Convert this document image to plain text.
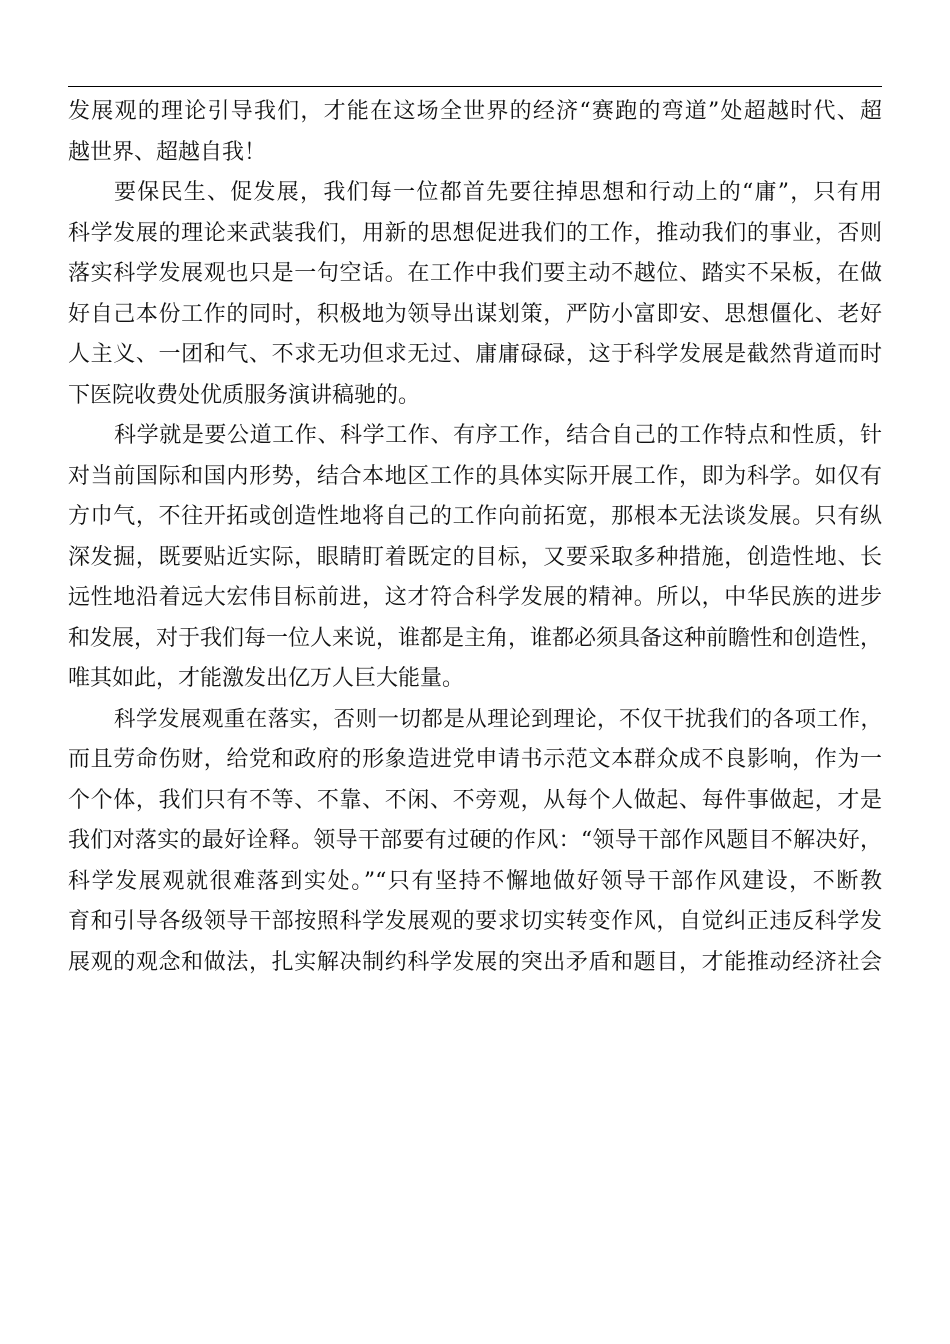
发展观的理论引导我们，才能在这场全世界的经济“赛跑的弯道”处超越时代、超
越世界、超越自我！
要保民生、促发展，我们每一位都首先要往掉思想和行动上的“庸”，只有用
科学发展的理论来武装我们，用新的思想促进我们的工作，推动我们的事业，否则
落实科学发展观也只是一句空话。在工作中我们要主动不越位、踏实不呆板，在做
好自己本份工作的同时，积极地为领导出谋划策，严防小富即安、思想僵化、老好
人主义、一团和气、不求无功但求无过、庸庸碌碌，这于科学发展是截然背道而时
下医院收费处优质服务演讲稿驰的。
科学就是要公道工作、科学工作、有序工作，结合自己的工作特点和性质，针
对当前国际和国内形势，结合本地区工作的具体实际开展工作，即为科学。如仅有
方巾气，不往开拓或创造性地将自己的工作向前拓宽，那根本无法谈发展。只有纵
深发掘，既要贴近实际，眼睛盯着既定的目标，又要采取多种措施，创造性地、长
远性地沿着远大宏伟目标前进，这才符合科学发展的精神。所以，中华民族的进步
和发展，对于我们每一位人来说，谁都是主角，谁都必须具备这种前瞻性和创造性，
唯其如此，才能激发出亿万人巨大能量。
科学发展观重在落实，否则一切都是从理论到理论，不仅干扰我们的各项工作，
而且劳命伤财，给党和政府的形象造进党申请书示范文本群众成不良影响，作为一
个个体，我们只有不等、不靠、不闲、不旁观，从每个人做起、每件事做起，才是
我们对落实的最好诠释。领导干部要有过硬的作风：“领导干部作风题目不解决好，
科学发展观就很难落到实处。”“只有坚持不懈地做好领导干部作风建设，不断教
育和引导各级领导干部按照科学发展观的要求切实转变作风，自觉纠正违反科学发
展观的观念和做法，扎实解决制约科学发展的突出矛盾和题目，才能推动经济社会
